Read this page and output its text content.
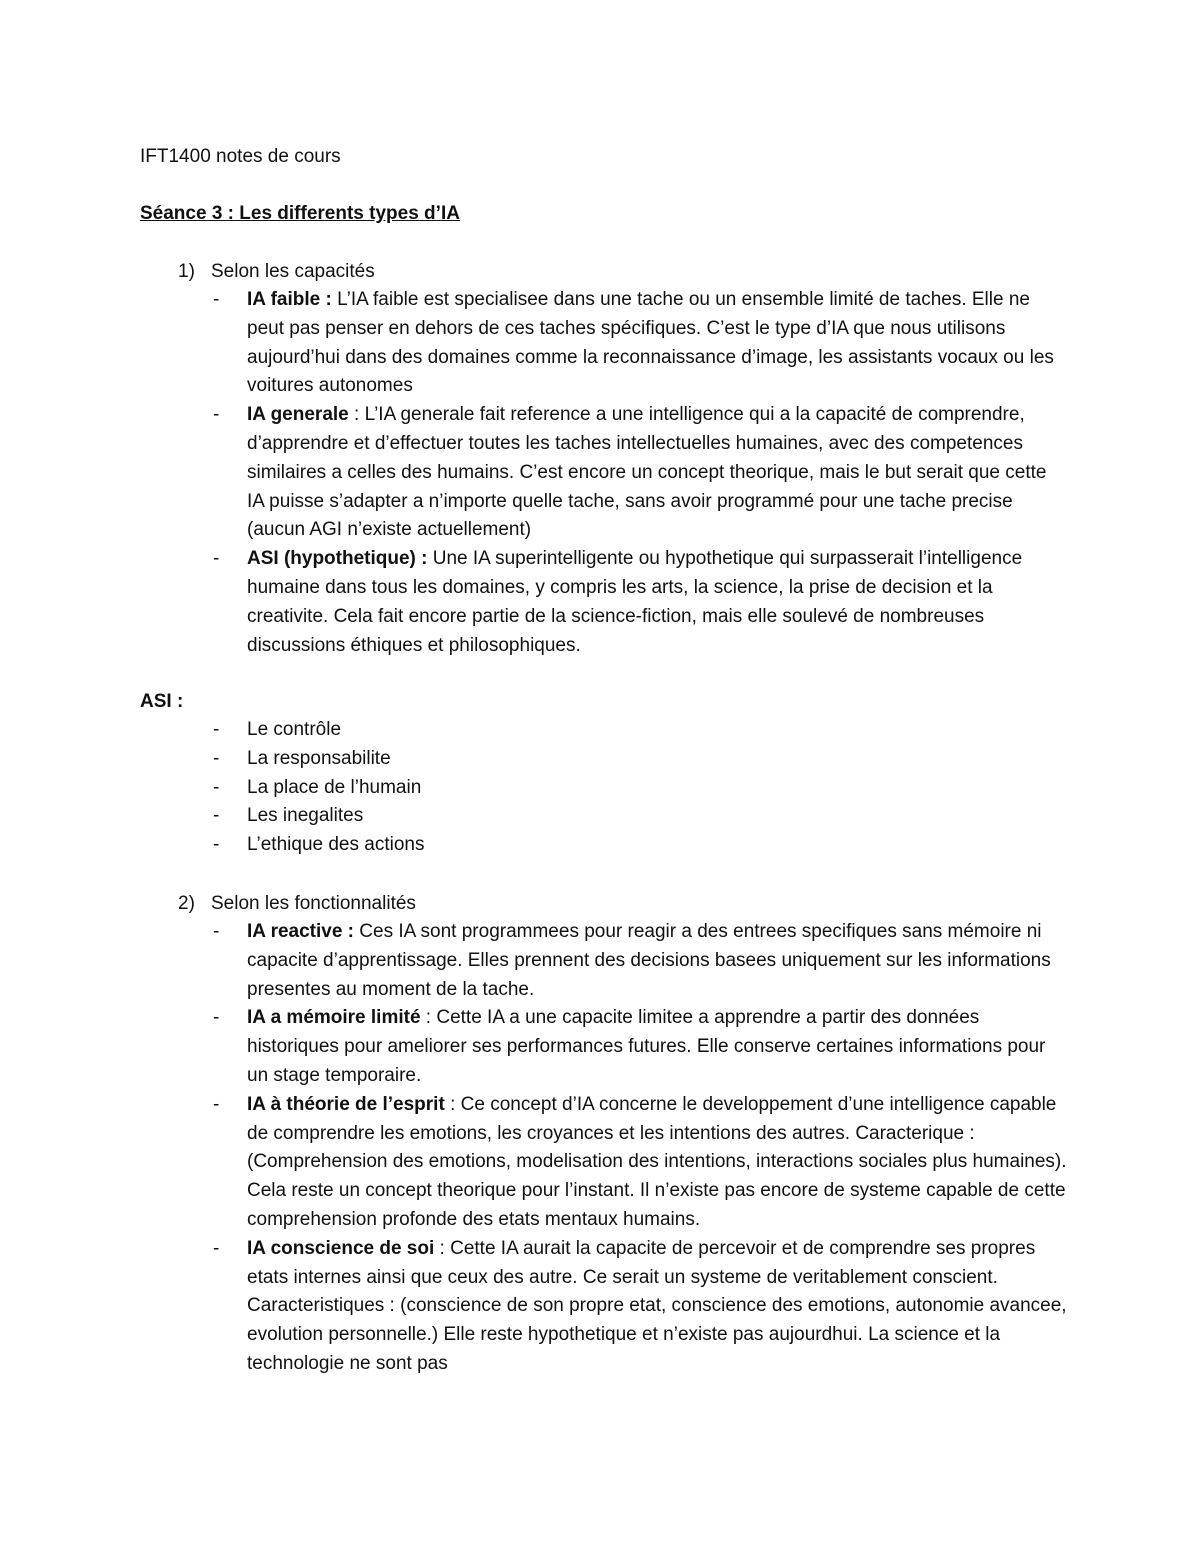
IFT1400 notes de cours
Séance 3 : Les differents types d’IA
1) Selon les capacités
- IA faible : L’IA faible est specialisee dans une tache ou un ensemble limité de taches. Elle ne peut pas penser en dehors de ces taches spécifiques. C’est le type d’IA que nous utilisons aujourd’hui dans des domaines comme la reconnaissance d’image, les assistants vocaux ou les voitures autonomes
- IA generale : L’IA generale fait reference a une intelligence qui a la capacité de comprendre, d’apprendre et d’effectuer toutes les taches intellectuelles humaines, avec des competences similaires a celles des humains. C’est encore un concept theorique, mais le but serait que cette IA puisse s’adapter a n’importe quelle tache, sans avoir programmé pour une tache precise (aucun AGI n’existe actuellement)
- ASI (hypothetique) : Une IA superintelligente ou hypothetique qui surpasserait l’intelligence humaine dans tous les domaines, y compris les arts, la science, la prise de decision et la creativite. Cela fait encore partie de la science-fiction, mais elle soulevé de nombreuses discussions éthiques et philosophiques.
ASI :
- Le contrôle
- La responsabilite
- La place de l’humain
- Les inegalites
- L’ethique des actions
2) Selon les fonctionnalités
- IA reactive : Ces IA sont programmees pour reagir a des entrees specifiques sans mémoire ni capacite d’apprentissage. Elles prennent des decisions basees uniquement sur les informations presentes au moment de la tache.
- IA a mémoire limité : Cette IA a une capacite limitee a apprendre a partir des données historiques pour ameliorer ses performances futures. Elle conserve certaines informations pour un stage temporaire.
- IA à théorie de l’esprit : Ce concept d’IA concerne le developpement d’une intelligence capable de comprendre les emotions, les croyances et les intentions des autres. Caracterique : (Comprehension des emotions, modelisation des intentions, interactions sociales plus humaines). Cela reste un concept theorique pour l’instant. Il n’existe pas encore de systeme capable de cette comprehension profonde des etats mentaux humains.
- IA conscience de soi : Cette IA aurait la capacite de percevoir et de comprendre ses propres etats internes ainsi que ceux des autre. Ce serait un systeme de veritablement conscient. Caracteristiques : (conscience de son propre etat, conscience des emotions, autonomie avancee, evolution personnelle.) Elle reste hypothetique et n’existe pas aujourdhui. La science et la technologie ne sont pas
